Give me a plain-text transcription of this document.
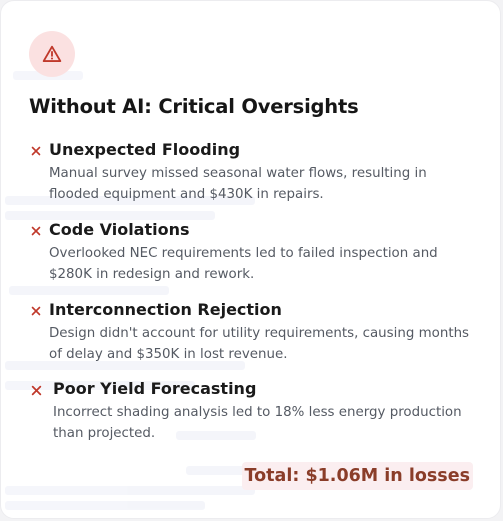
Without AI: Critical Oversights

Unexpected Flooding

Manual survey missed seasonal water flows, resulting in flooded equipment and $430K in repairs.

Code Violations

Overlooked NEC requirements led to failed inspection and $280K in redesign and rework.

Interconnection Rejection

Design didn't account for utility requirements, causing months of delay and $350K in lost revenue.

Poor Yield Forecasting

Incorrect shading analysis led to 18% less energy production than projected.

Total: $1.06M in losses
